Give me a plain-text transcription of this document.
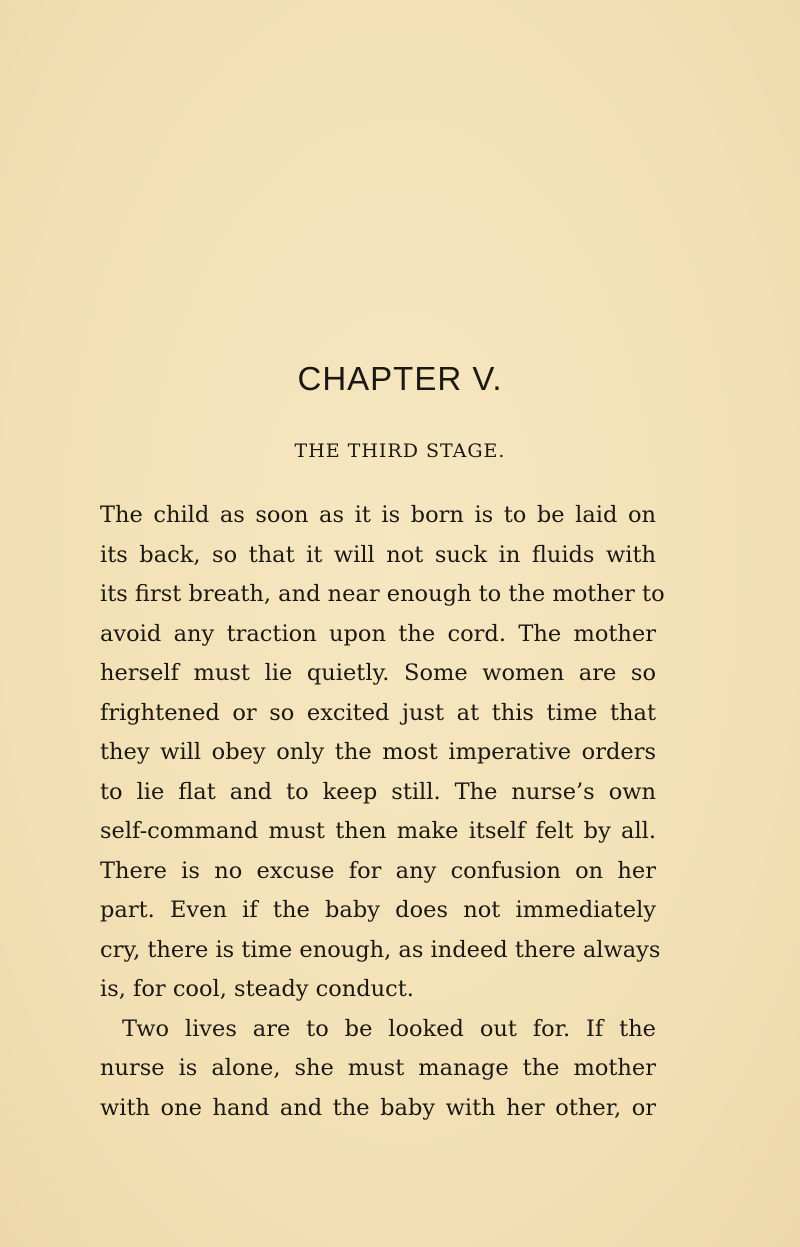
CHAPTER V.
THE THIRD STAGE.
The child as soon as it is born is to be laid on
its back, so that it will not suck in fluids with
its first breath, and near enough to the mother to
avoid any traction upon the cord. The mother
herself must lie quietly. Some women are so
frightened or so excited just at this time that
they will obey only the most imperative orders
to lie flat and to keep still. The nurse’s own
self-command must then make itself felt by all.
There is no excuse for any confusion on her
part. Even if the baby does not immediately
cry, there is time enough, as indeed there always
is, for cool, steady conduct.
Two lives are to be looked out for. If the
nurse is alone, she must manage the mother
with one hand and the baby with her other, or
